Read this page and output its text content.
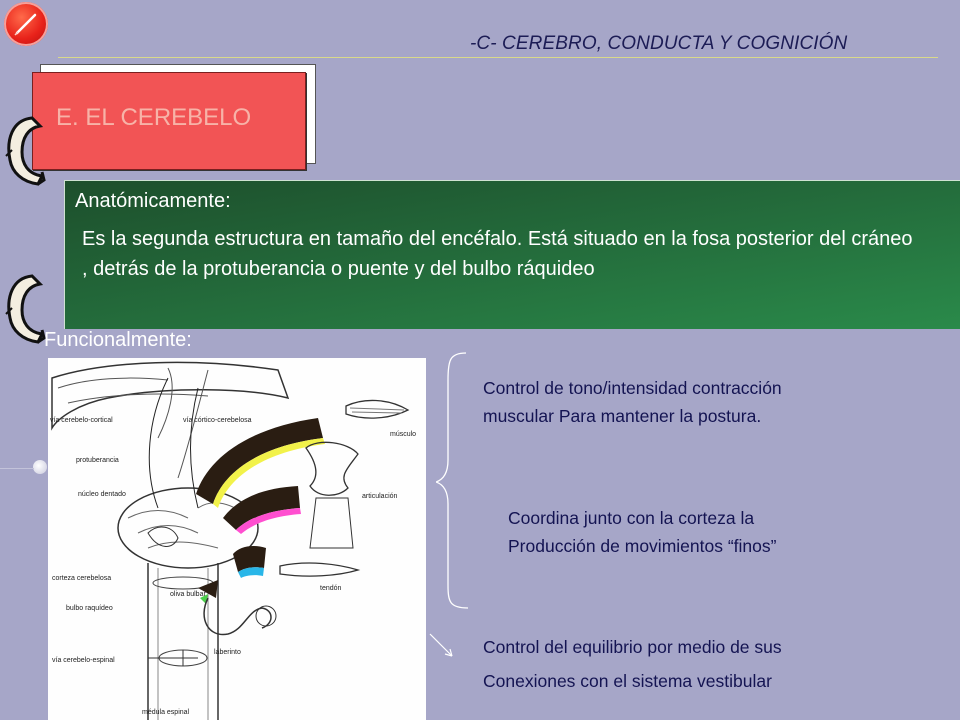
-C- CEREBRO, CONDUCTA Y COGNICIÓN
E. EL CEREBELO
Anatómicamente:
Es la segunda estructura en tamaño del encéfalo. Está situado en la fosa posterior del cráneo , detrás de la protuberancia o puente y del bulbo ráquideo
Funcionalmente:
vía cerebelo-cortical	vía córtico-cerebelosa
protuberancia
núcleo dentado
corteza cerebelosa
bulbo raquídeo
oliva bulbar
vía cerebelo-espinal
médula espinal
músculo
articulación
tendón
laberinto
Control de tono/intensidad contracción
muscular Para mantener la postura.
Coordina junto con la corteza la
Producción de movimientos “finos”
Control del equilibrio por medio de sus
Conexiones con el sistema vestibular
